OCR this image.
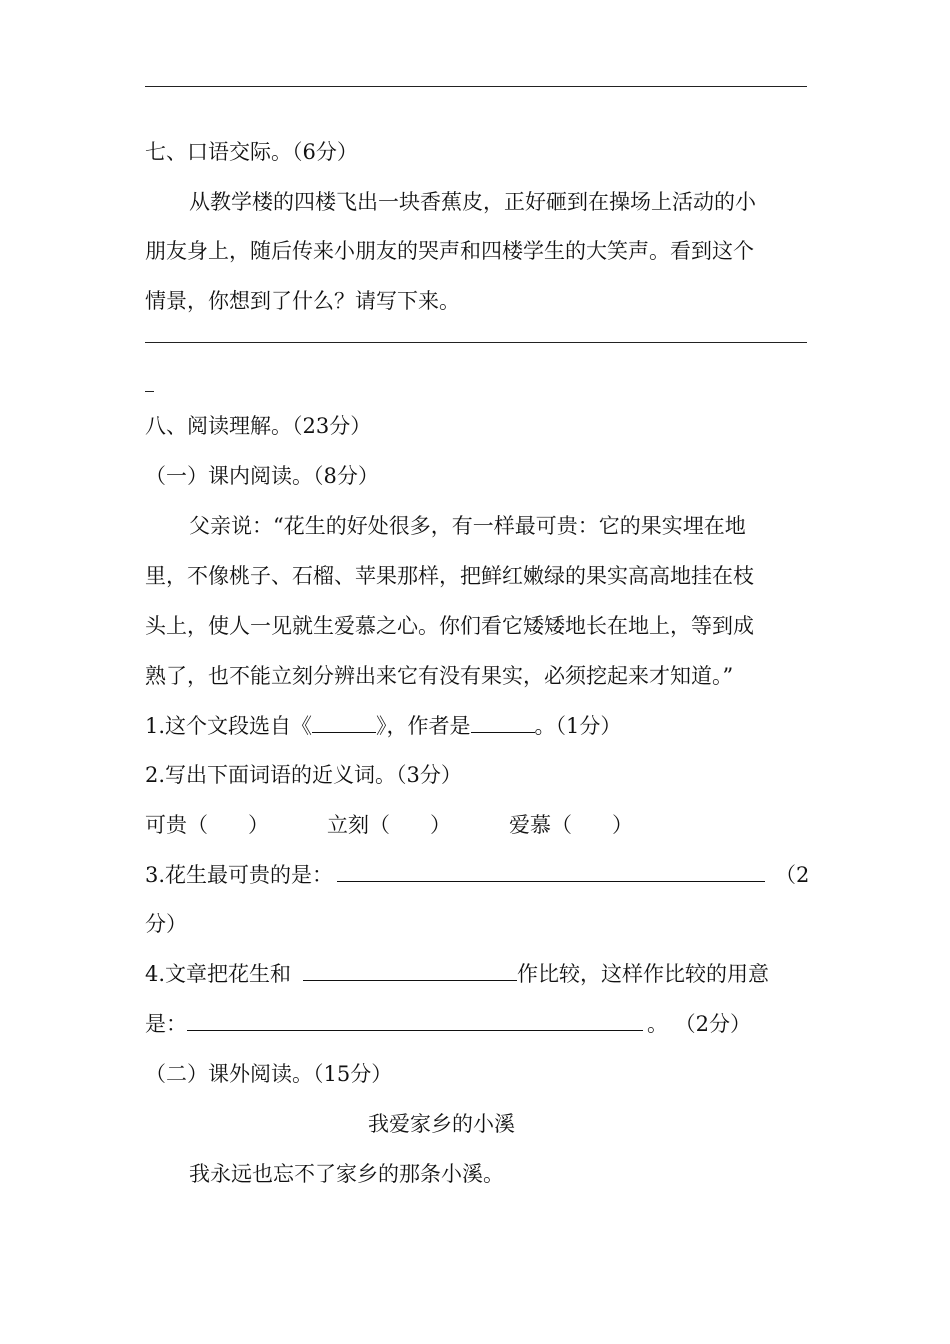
七、口语交际。（6分）
从教学楼的四楼飞出一块香蕉皮，正好砸到在操场上活动的小
朋友身上，随后传来小朋友的哭声和四楼学生的大笑声。看到这个
情景，你想到了什么？请写下来。
八、阅读理解。（23分）
（一）课内阅读。（8分）
父亲说：“花生的好处很多，有一样最可贵：它的果实埋在地
里，不像桃子、石榴、苹果那样，把鲜红嫩绿的果实高高地挂在枝
头上，使人一见就生爱慕之心。你们看它矮矮地长在地上，等到成
熟了，也不能立刻分辨出来它有没有果实，必须挖起来才知道。”
1.这个文段选自《	》，作者是	。（1分）
2.写出下面词语的近义词。（3分）
可贵（ ）	立刻（ ）	爱慕（ ）
3.花生最可贵的是：	（2
分）
4.文章把花生和	作比较，这样作比较的用意
是：	。 （2分）
（二）课外阅读。（15分）
我爱家乡的小溪
我永远也忘不了家乡的那条小溪。
